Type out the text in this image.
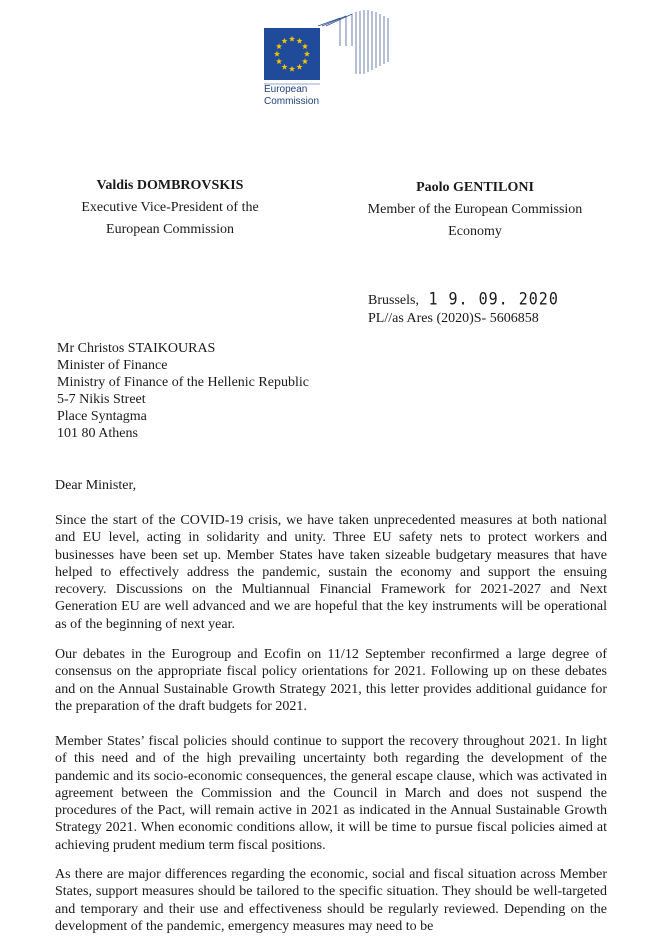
European
Commission
Valdis DOMBROVSKIS
Executive Vice-President of the
European Commission
Paolo GENTILONI
Member of the European Commission
Economy
Brussels, 1 9. 09. 2020
PL//as Ares (2020)S- 5606858
Mr Christos STAIKOURAS
Minister of Finance
Ministry of Finance of the Hellenic Republic
5-7 Nikis Street
Place Syntagma
101 80 Athens
Dear Minister,

Since the start of the COVID-19 crisis, we have taken unprecedented measures at both national and EU level, acting in solidarity and unity. Three EU safety nets to protect workers and businesses have been set up. Member States have taken sizeable budgetary measures that have helped to effectively address the pandemic, sustain the economy and support the ensuing recovery. Discussions on the Multiannual Financial Framework for 2021-2027 and Next Generation EU are well advanced and we are hopeful that the key instruments will be operational as of the beginning of next year.

Our debates in the Eurogroup and Ecofin on 11/12 September reconfirmed a large degree of consensus on the appropriate fiscal policy orientations for 2021. Following up on these debates and on the Annual Sustainable Growth Strategy 2021, this letter provides additional guidance for the preparation of the draft budgets for 2021.

Member States’ fiscal policies should continue to support the recovery throughout 2021. In light of this need and of the high prevailing uncertainty both regarding the development of the pandemic and its socio-economic consequences, the general escape clause, which was activated in agreement between the Commission and the Council in March and does not suspend the procedures of the Pact, will remain active in 2021 as indicated in the Annual Sustainable Growth Strategy 2021. When economic conditions allow, it will be time to pursue fiscal policies aimed at achieving prudent medium term fiscal positions.

As there are major differences regarding the economic, social and fiscal situation across Member States, support measures should be tailored to the specific situation. They should be well-targeted and temporary and their use and effectiveness should be regularly reviewed. Depending on the development of the pandemic, emergency measures may need to be
